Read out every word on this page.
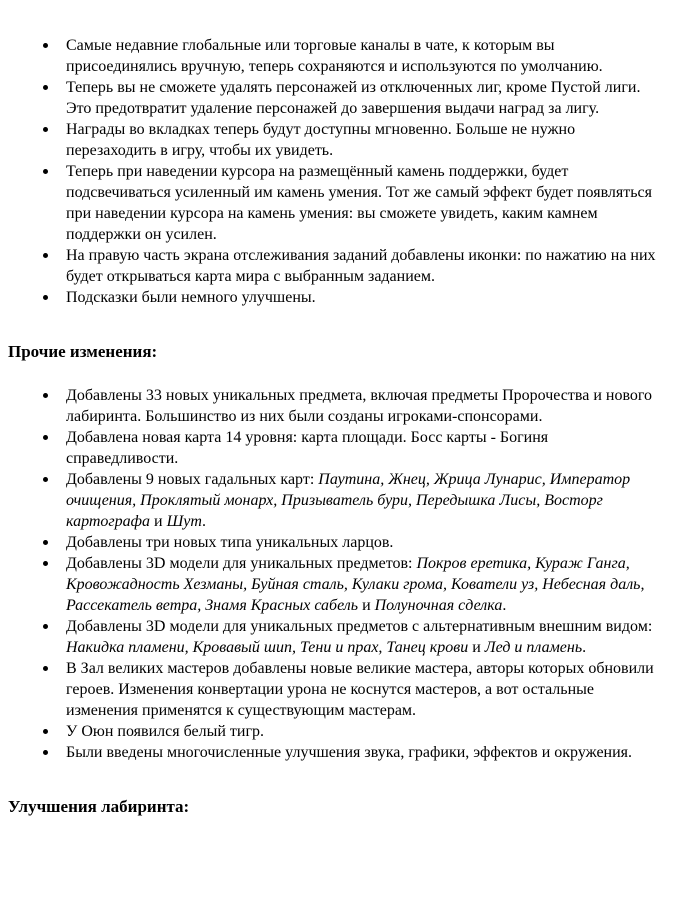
Самые недавние глобальные или торговые каналы в чате, к которым вы присоединялись вручную, теперь сохраняются и используются по умолчанию.
Теперь вы не сможете удалять персонажей из отключенных лиг, кроме Пустой лиги. Это предотвратит удаление персонажей до завершения выдачи наград за лигу.
Награды во вкладках теперь будут доступны мгновенно. Больше не нужно перезаходить в игру, чтобы их увидеть.
Теперь при наведении курсора на размещённый камень поддержки, будет подсвечиваться усиленный им камень умения. Тот же самый эффект будет появляться при наведении курсора на камень умения: вы сможете увидеть, каким камнем поддержки он усилен.
На правую часть экрана отслеживания заданий добавлены иконки: по нажатию на них будет открываться карта мира с выбранным заданием.
Подсказки были немного улучшены.
Прочие изменения:
Добавлены 33 новых уникальных предмета, включая предметы Пророчества и нового лабиринта. Большинство из них были созданы игроками-спонсорами.
Добавлена новая карта 14 уровня: карта площади. Босс карты - Богиня справедливости.
Добавлены 9 новых гадальных карт: Паутина, Жнец, Жрица Лунарис, Император очищения, Проклятый монарх, Призыватель бури, Передышка Лисы, Восторг картографа и Шут.
Добавлены три новых типа уникальных ларцов.
Добавлены 3D модели для уникальных предметов: Покров еретика, Кураж Ганга, Кровожадность Хезманы, Буйная сталь, Кулаки грома, Кователи уз, Небесная даль, Рассекатель ветра, Знамя Красных сабель и Полуночная сделка.
Добавлены 3D модели для уникальных предметов с альтернативным внешним видом: Накидка пламени, Кровавый шип, Тени и прах, Танец крови и Лед и пламень.
В Зал великих мастеров добавлены новые великие мастера, авторы которых обновили героев. Изменения конвертации урона не коснутся мастеров, а вот остальные изменения применятся к существующим мастерам.
У Оюн появился белый тигр.
Были введены многочисленные улучшения звука, графики, эффектов и окружения.
Улучшения лабиринта:
